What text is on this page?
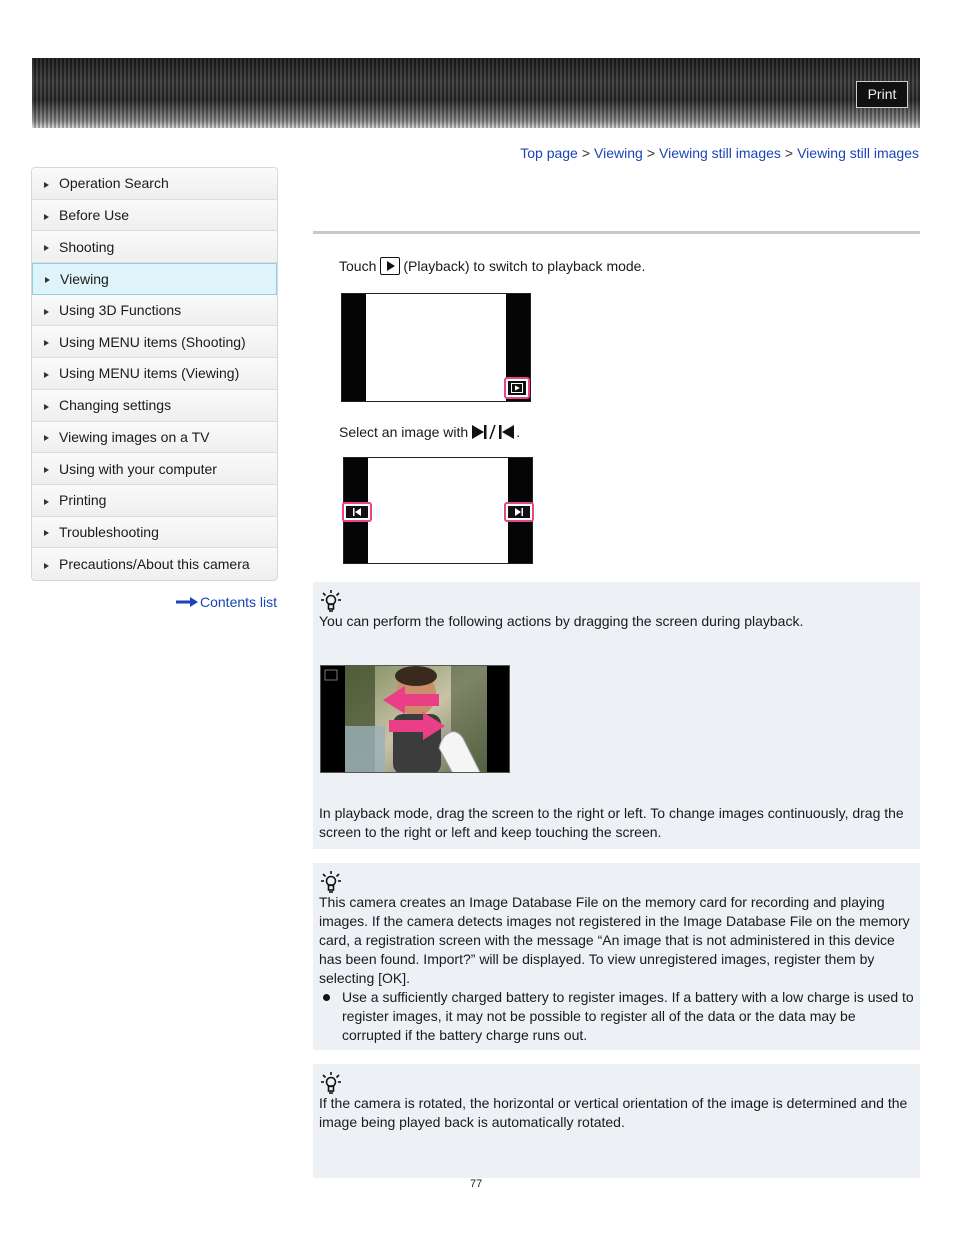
Print
Top page > Viewing > Viewing still images > Viewing still images
Operation Search
Before Use
Shooting
Viewing
Using 3D Functions
Using MENU items (Shooting)
Using MENU items (Viewing)
Changing settings
Viewing images on a TV
Using with your computer
Printing
Troubleshooting
Precautions/About this camera
Contents list
Touch (Playback) to switch to playback mode.
Select an image with	.
You can perform the following actions by dragging the screen during playback.
In playback mode, drag the screen to the right or left. To change images continuously, drag the screen to the right or left and keep touching the screen.
This camera creates an Image Database File on the memory card for recording and playing images. If the camera detects images not registered in the Image Database File on the memory card, a registration screen with the message “An image that is not administered in this device has been found. Import?” will be displayed. To view unregistered images, register them by selecting [OK].
Use a sufficiently charged battery to register images. If a battery with a low charge is used to register images, it may not be possible to register all of the data or the data may be corrupted if the battery charge runs out.
If the camera is rotated, the horizontal or vertical orientation of the image is determined and the image being played back is automatically rotated.
77
